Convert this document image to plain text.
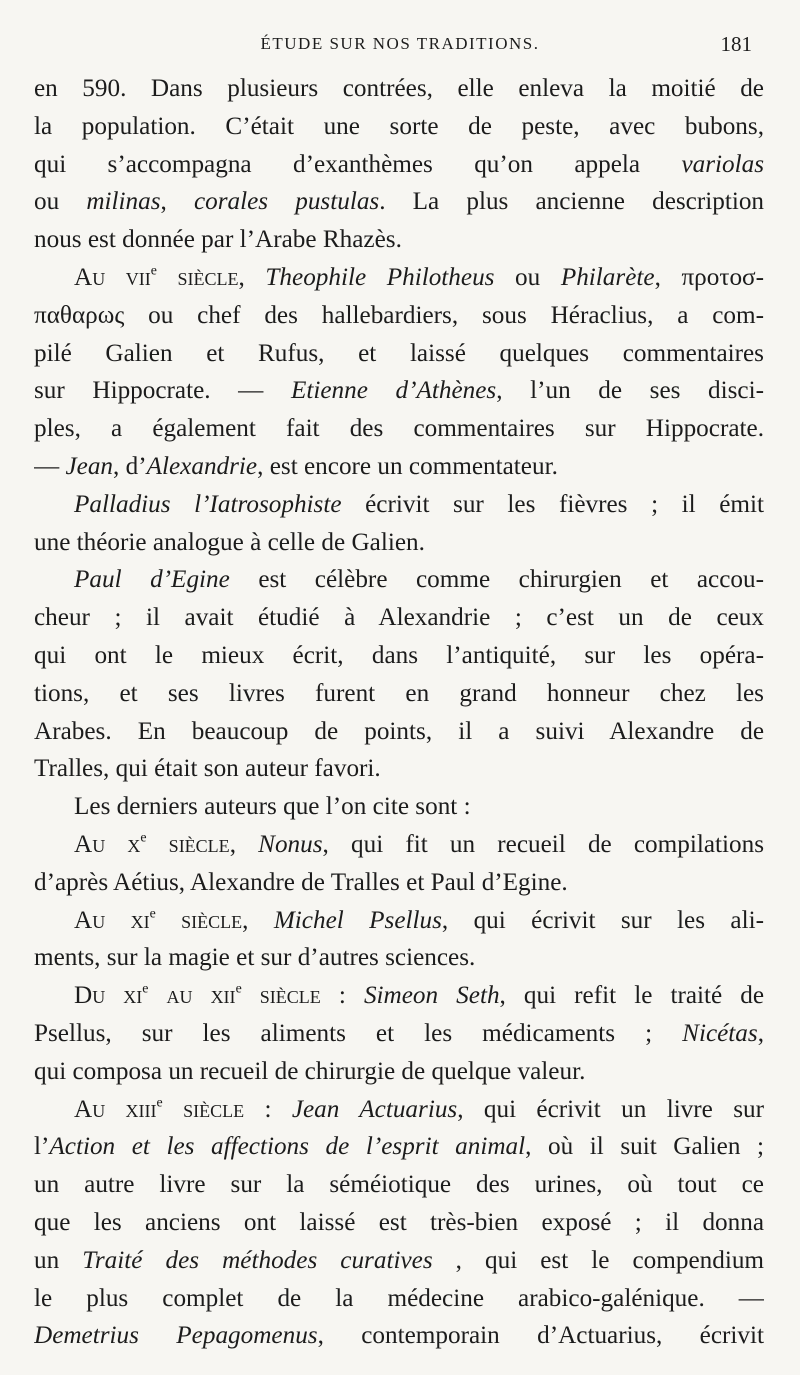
ÉTUDE SUR NOS TRADITIONS.	181
en 590. Dans plusieurs contrées, elle enleva la moitié de
la population. C’était une sorte de peste, avec bubons,
qui s’accompagna d’exanthèmes qu’on appela variolas
ou milinas, corales pustulas. La plus ancienne description
nous est donnée par l’Arabe Rhazès.
Au vii$^e$ siècle, Theophile Philotheus ou Philarète, προτοσ-
παθαρως ou chef des hallebardiers, sous Héraclius, a com-
pilé Galien et Rufus, et laissé quelques commentaires
sur Hippocrate. — Etienne d’Athènes, l’un de ses disci-
ples, a également fait des commentaires sur Hippocrate.
— Jean, d’Alexandrie, est encore un commentateur.
Palladius l’Iatrosophiste écrivit sur les fièvres ; il émit
une théorie analogue à celle de Galien.
Paul d’Egine est célèbre comme chirurgien et accou-
cheur ; il avait étudié à Alexandrie ; c’est un de ceux
qui ont le mieux écrit, dans l’antiquité, sur les opéra-
tions, et ses livres furent en grand honneur chez les
Arabes. En beaucoup de points, il a suivi Alexandre de
Tralles, qui était son auteur favori.
Les derniers auteurs que l’on cite sont :
Au $x^e$ siècle, Nonus, qui fit un recueil de compilations
d’après Aétius, Alexandre de Tralles et Paul d’Egine.
Au $xi^e$ siècle, Michel Psellus, qui écrivit sur les ali-
ments, sur la magie et sur d’autres sciences.
Du $xi^e$ au xii$^e$ siècle : Simeon Seth, qui refit le traité de
Psellus, sur les aliments et les médicaments ; Nicétas,
qui composa un recueil de chirurgie de quelque valeur.
Au xiii$^e$ siècle : Jean Actuarius, qui écrivit un livre sur
l’Action et les affections de l’esprit animal, où il suit Galien ;
un autre livre sur la séméiotique des urines, où tout ce
que les anciens ont laissé est très-bien exposé ; il donna
un Traité des méthodes curatives , qui est le compendium
le plus complet de la médecine arabico-galénique. —
Demetrius Pepagomenus, contemporain d’Actuarius, écrivit
